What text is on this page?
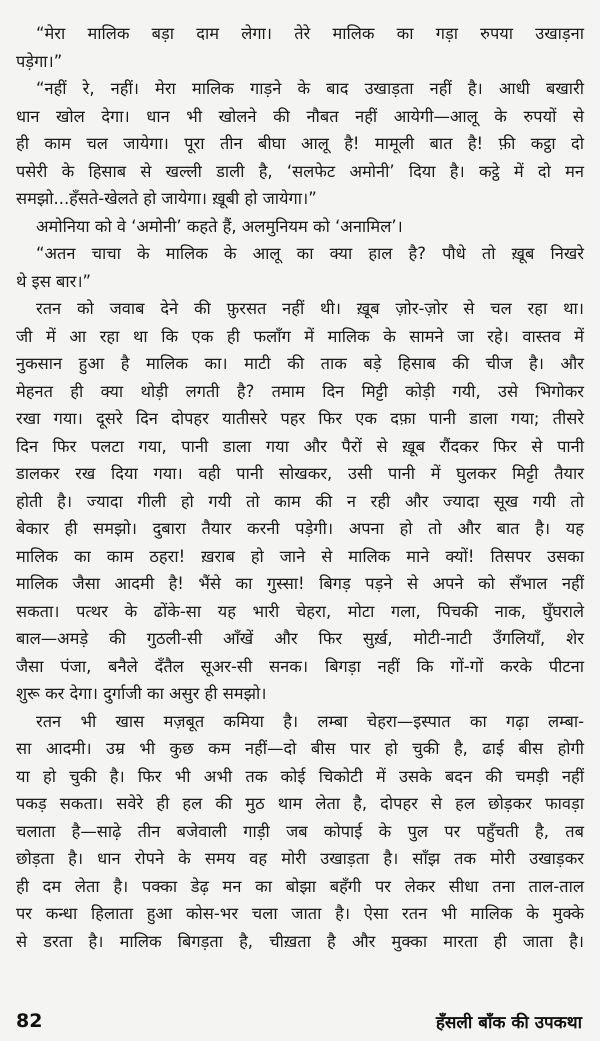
“मेरा मालिक बड़ा दाम लेगा। तेरे मालिक का गड़ा रुपया उखाड़ना
पड़ेगा।”
“नहीं रे, नहीं। मेरा मालिक गाड़ने के बाद उखाड़ता नहीं है। आधी बखारी
धान खोल देगा। धान भी खोलने की नौबत नहीं आयेगी—आलू के रुपयों से
ही काम चल जायेगा। पूरा तीन बीघा आलू है! मामूली बात है! फ़ी कट्ठा दो
पसेरी के हिसाब से खल्ली डाली है, ‘सलफेट अमोनी’ दिया है। कट्ठे में दो मन
समझो...हँसते-खेलते हो जायेगा। ख़ूबी हो जायेगा।”
अमोनिया को वे ‘अमोनी’ कहते हैं, अलमुनियम को ‘अनामिल’।
“अतन चाचा के मालिक के आलू का क्या हाल है? पौधे तो ख़ूब निखरे
थे इस बार।”
रतन को जवाब देने की फ़ुरसत नहीं थी। ख़ूब ज़ोर-ज़ोर से चल रहा था।
जी में आ रहा था कि एक ही फलाँग में मालिक के सामने जा रहे। वास्तव में
नुकसान हुआ है मालिक का। माटी की ताक बड़े हिसाब की चीज है। और
मेहनत ही क्या थोड़ी लगती है? तमाम दिन मिट्टी कोड़ी गयी, उसे भिगोकर
रखा गया। दूसरे दिन दोपहर यातीसरे पहर फिर एक दफ़ा पानी डाला गया; तीसरे
दिन फिर पलटा गया, पानी डाला गया और पैरों से ख़ूब रौंदकर फिर से पानी
डालकर रख दिया गया। वही पानी सोखकर, उसी पानी में घुलकर मिट्टी तैयार
होती है। ज्यादा गीली हो गयी तो काम की न रही और ज्यादा सूख गयी तो
बेकार ही समझो। दुबारा तैयार करनी पड़ेगी। अपना हो तो और बात है। यह
मालिक का काम ठहरा! ख़राब हो जाने से मालिक माने क्यों! तिसपर उसका
मालिक जैसा आदमी है! भैंसे का गुस्सा! बिगड़ पड़ने से अपने को सँभाल नहीं
सकता। पत्थर के ढोंके-सा यह भारी चेहरा, मोटा गला, पिचकी नाक, घुँघराले
बाल—अमड़े की गुठली-सी आँखें और फिर सुर्ख़, मोटी-नाटी उँगलियाँ, शेर
जैसा पंजा, बनैले दँतैल सूअर-सी सनक। बिगड़ा नहीं कि गों-गों करके पीटना
शुरू कर देगा। दुर्गाजी का असुर ही समझो।
रतन भी खास मज़बूत कमिया है। लम्बा चेहरा—इस्पात का गढ़ा लम्बा-
सा आदमी। उम्र भी कुछ कम नहीं—दो बीस पार हो चुकी है, ढाई बीस होगी
या हो चुकी है। फिर भी अभी तक कोई चिकोटी में उसके बदन की चमड़ी नहीं
पकड़ सकता। सवेरे ही हल की मुठ थाम लेता है, दोपहर से हल छोड़कर फावड़ा
चलाता है—साढ़े तीन बजेवाली गाड़ी जब कोपाई के पुल पर पहुँचती है, तब
छोड़ता है। धान रोपने के समय वह मोरी उखाड़ता है। साँझ तक मोरी उखाड़कर
ही दम लेता है। पक्का डेढ़ मन का बोझा बहँगी पर लेकर सीधा तना ताल-ताल
पर कन्धा हिलाता हुआ कोस-भर चला जाता है। ऐसा रतन भी मालिक के मुक्के
से डरता है। मालिक बिगड़ता है, चीख़ता है और मुक्का मारता ही जाता है।
82	हँसली बाँक की उपकथा
